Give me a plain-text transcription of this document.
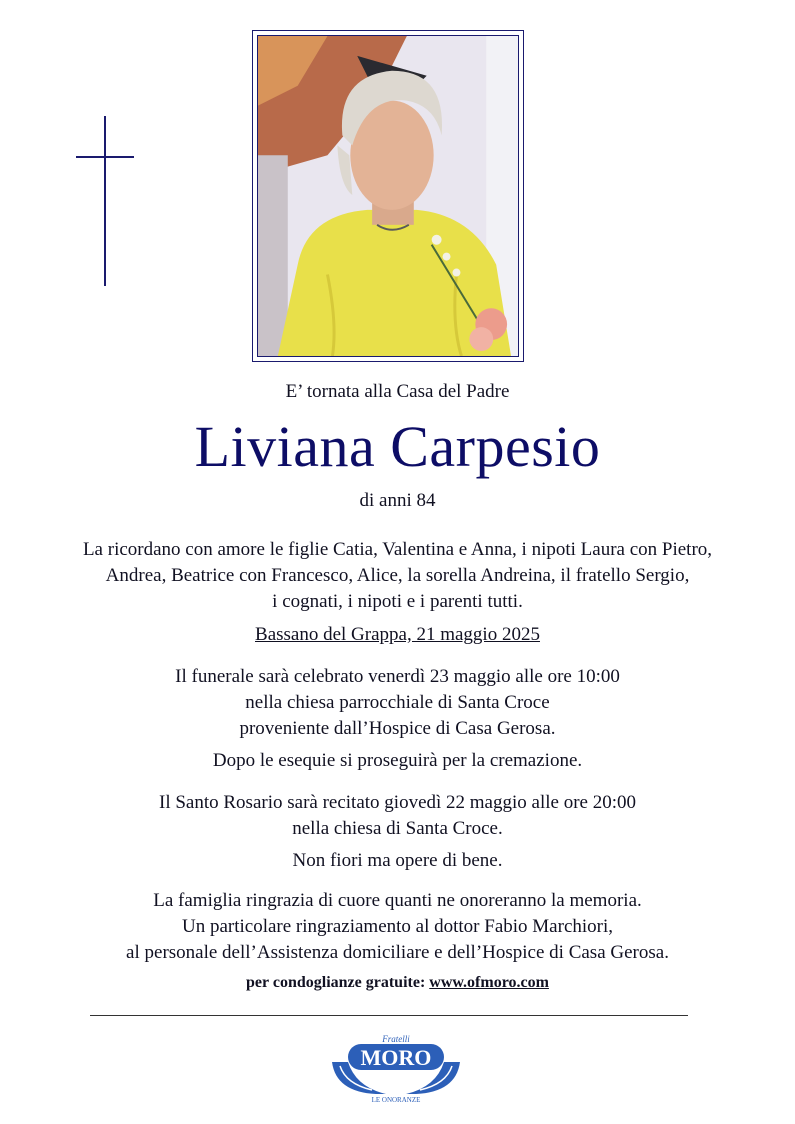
E’ tornata alla Casa del Padre
Liviana Carpesio
di anni 84
La ricordano con amore le figlie Catia, Valentina e Anna, i nipoti Laura con Pietro,
Andrea, Beatrice con Francesco, Alice, la sorella Andreina, il fratello Sergio,
i cognati, i nipoti e i parenti tutti.
Bassano del Grappa, 21 maggio 2025
Il funerale sarà celebrato venerdì 23 maggio alle ore 10:00
nella chiesa parrocchiale di Santa Croce
proveniente dall’Hospice di Casa Gerosa.
Dopo le esequie si proseguirà per la cremazione.
Il Santo Rosario sarà recitato giovedì 22 maggio alle ore 20:00
nella chiesa di Santa Croce.
Non fiori ma opere di bene.
La famiglia ringrazia di cuore quanti ne onoreranno la memoria.
Un particolare ringraziamento al dottor Fabio Marchiori,
al personale dell’Assistenza domiciliare e dell’Hospice di Casa Gerosa.
per condoglianze gratuite: www.ofmoro.com
Fratelli
MORO
LE ONORANZE
